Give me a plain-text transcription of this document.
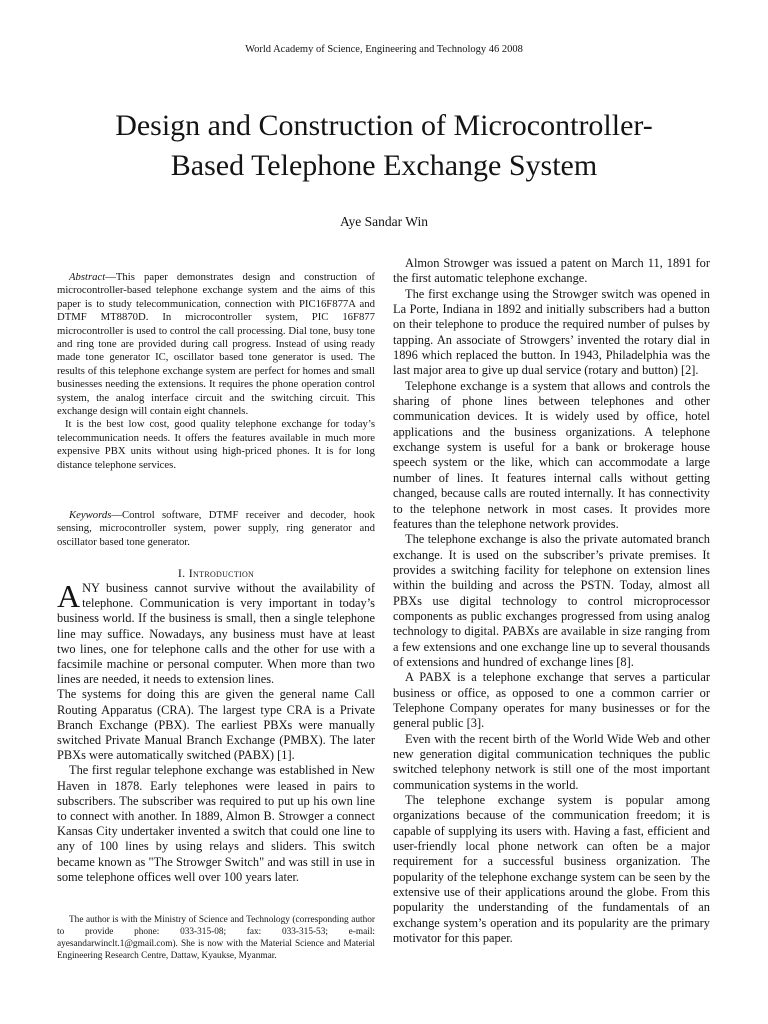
World Academy of Science, Engineering and Technology 46 2008
Design and Construction of Microcontroller-
Based Telephone Exchange System
Aye Sandar Win

Abstract—This paper demonstrates design and construction of microcontroller-based telephone exchange system and the aims of this paper is to study telecommunication, connection with PIC16F877A and DTMF MT8870D. In microcontroller system, PIC 16F877 microcontroller is used to control the call processing. Dial tone, busy tone and ring tone are provided during call progress. Instead of using ready made tone generator IC, oscillator based tone generator is used. The results of this telephone exchange system are perfect for homes and small businesses needing the extensions. It requires the phone operation control system, the analog interface circuit and the switching circuit. This exchange design will contain eight channels.

It is the best low cost, good quality telephone exchange for today’s telecommunication needs. It offers the features available in much more expensive PBX units without using high-priced phones. It is for long distance telephone services.

Keywords—Control software, DTMF receiver and decoder, hook sensing, microcontroller system, power supply, ring generator and oscillator based tone generator.

I. Introduction

ANY business cannot survive without the availability of telephone. Communication is very important in today’s business world. If the business is small, then a single telephone line may suffice. Nowadays, any business must have at least two lines, one for telephone calls and the other for use with a facsimile machine or personal computer. When more than two lines are needed, it needs to extension lines.

The systems for doing this are given the general name Call Routing Apparatus (CRA). The largest type CRA is a Private Branch Exchange (PBX). The earliest PBXs were manually switched Private Manual Branch Exchange (PMBX). The later PBXs were automatically switched (PABX) [1].

The first regular telephone exchange was established in New Haven in 1878. Early telephones were leased in pairs to subscribers. The subscriber was required to put up his own line to connect with another. In 1889, Almon B. Strowger a connect Kansas City undertaker invented a switch that could one line to any of 100 lines by using relays and sliders. This switch became known as "The Strowger Switch" and was still in use in some telephone offices well over 100 years later.

The author is with the Ministry of Science and Technology (corresponding author to provide phone: 033-315-08; fax: 033-315-53; e-mail: ayesandarwinclt.1@gmail.com). She is now with the Material Science and Material Engineering Research Centre, Dattaw, Kyaukse, Myanmar.

Almon Strowger was issued a patent on March 11, 1891 for the first automatic telephone exchange.

The first exchange using the Strowger switch was opened in La Porte, Indiana in 1892 and initially subscribers had a button on their telephone to produce the required number of pulses by tapping. An associate of Strowgers’ invented the rotary dial in 1896 which replaced the button. In 1943, Philadelphia was the last major area to give up dual service (rotary and button) [2].

Telephone exchange is a system that allows and controls the sharing of phone lines between telephones and other communication devices. It is widely used by office, hotel applications and the business organizations. A telephone exchange system is useful for a bank or brokerage house speech system or the like, which can accommodate a large number of lines. It features internal calls without getting changed, because calls are routed internally. It has connectivity to the telephone network in most cases. It provides more features than the telephone network provides.

The telephone exchange is also the private automated branch exchange. It is used on the subscriber’s private premises. It provides a switching facility for telephone on extension lines within the building and across the PSTN. Today, almost all PBXs use digital technology to control microprocessor components as public exchanges progressed from using analog technology to digital. PABXs are available in size ranging from a few extensions and one exchange line up to several thousands of extensions and hundred of exchange lines [8].

A PABX is a telephone exchange that serves a particular business or office, as opposed to one a common carrier or Telephone Company operates for many businesses or for the general public [3].

Even with the recent birth of the World Wide Web and other new generation digital communication techniques the public switched telephony network is still one of the most important communication systems in the world.

The telephone exchange system is popular among organizations because of the communication freedom; it is capable of supplying its users with. Having a fast, efficient and user-friendly local phone network can often be a major requirement for a successful business organization. The popularity of the telephone exchange system can be seen by the extensive use of their applications around the globe. From this popularity the understanding of the fundamentals of an exchange system’s operation and its popularity are the primary motivator for this paper.
